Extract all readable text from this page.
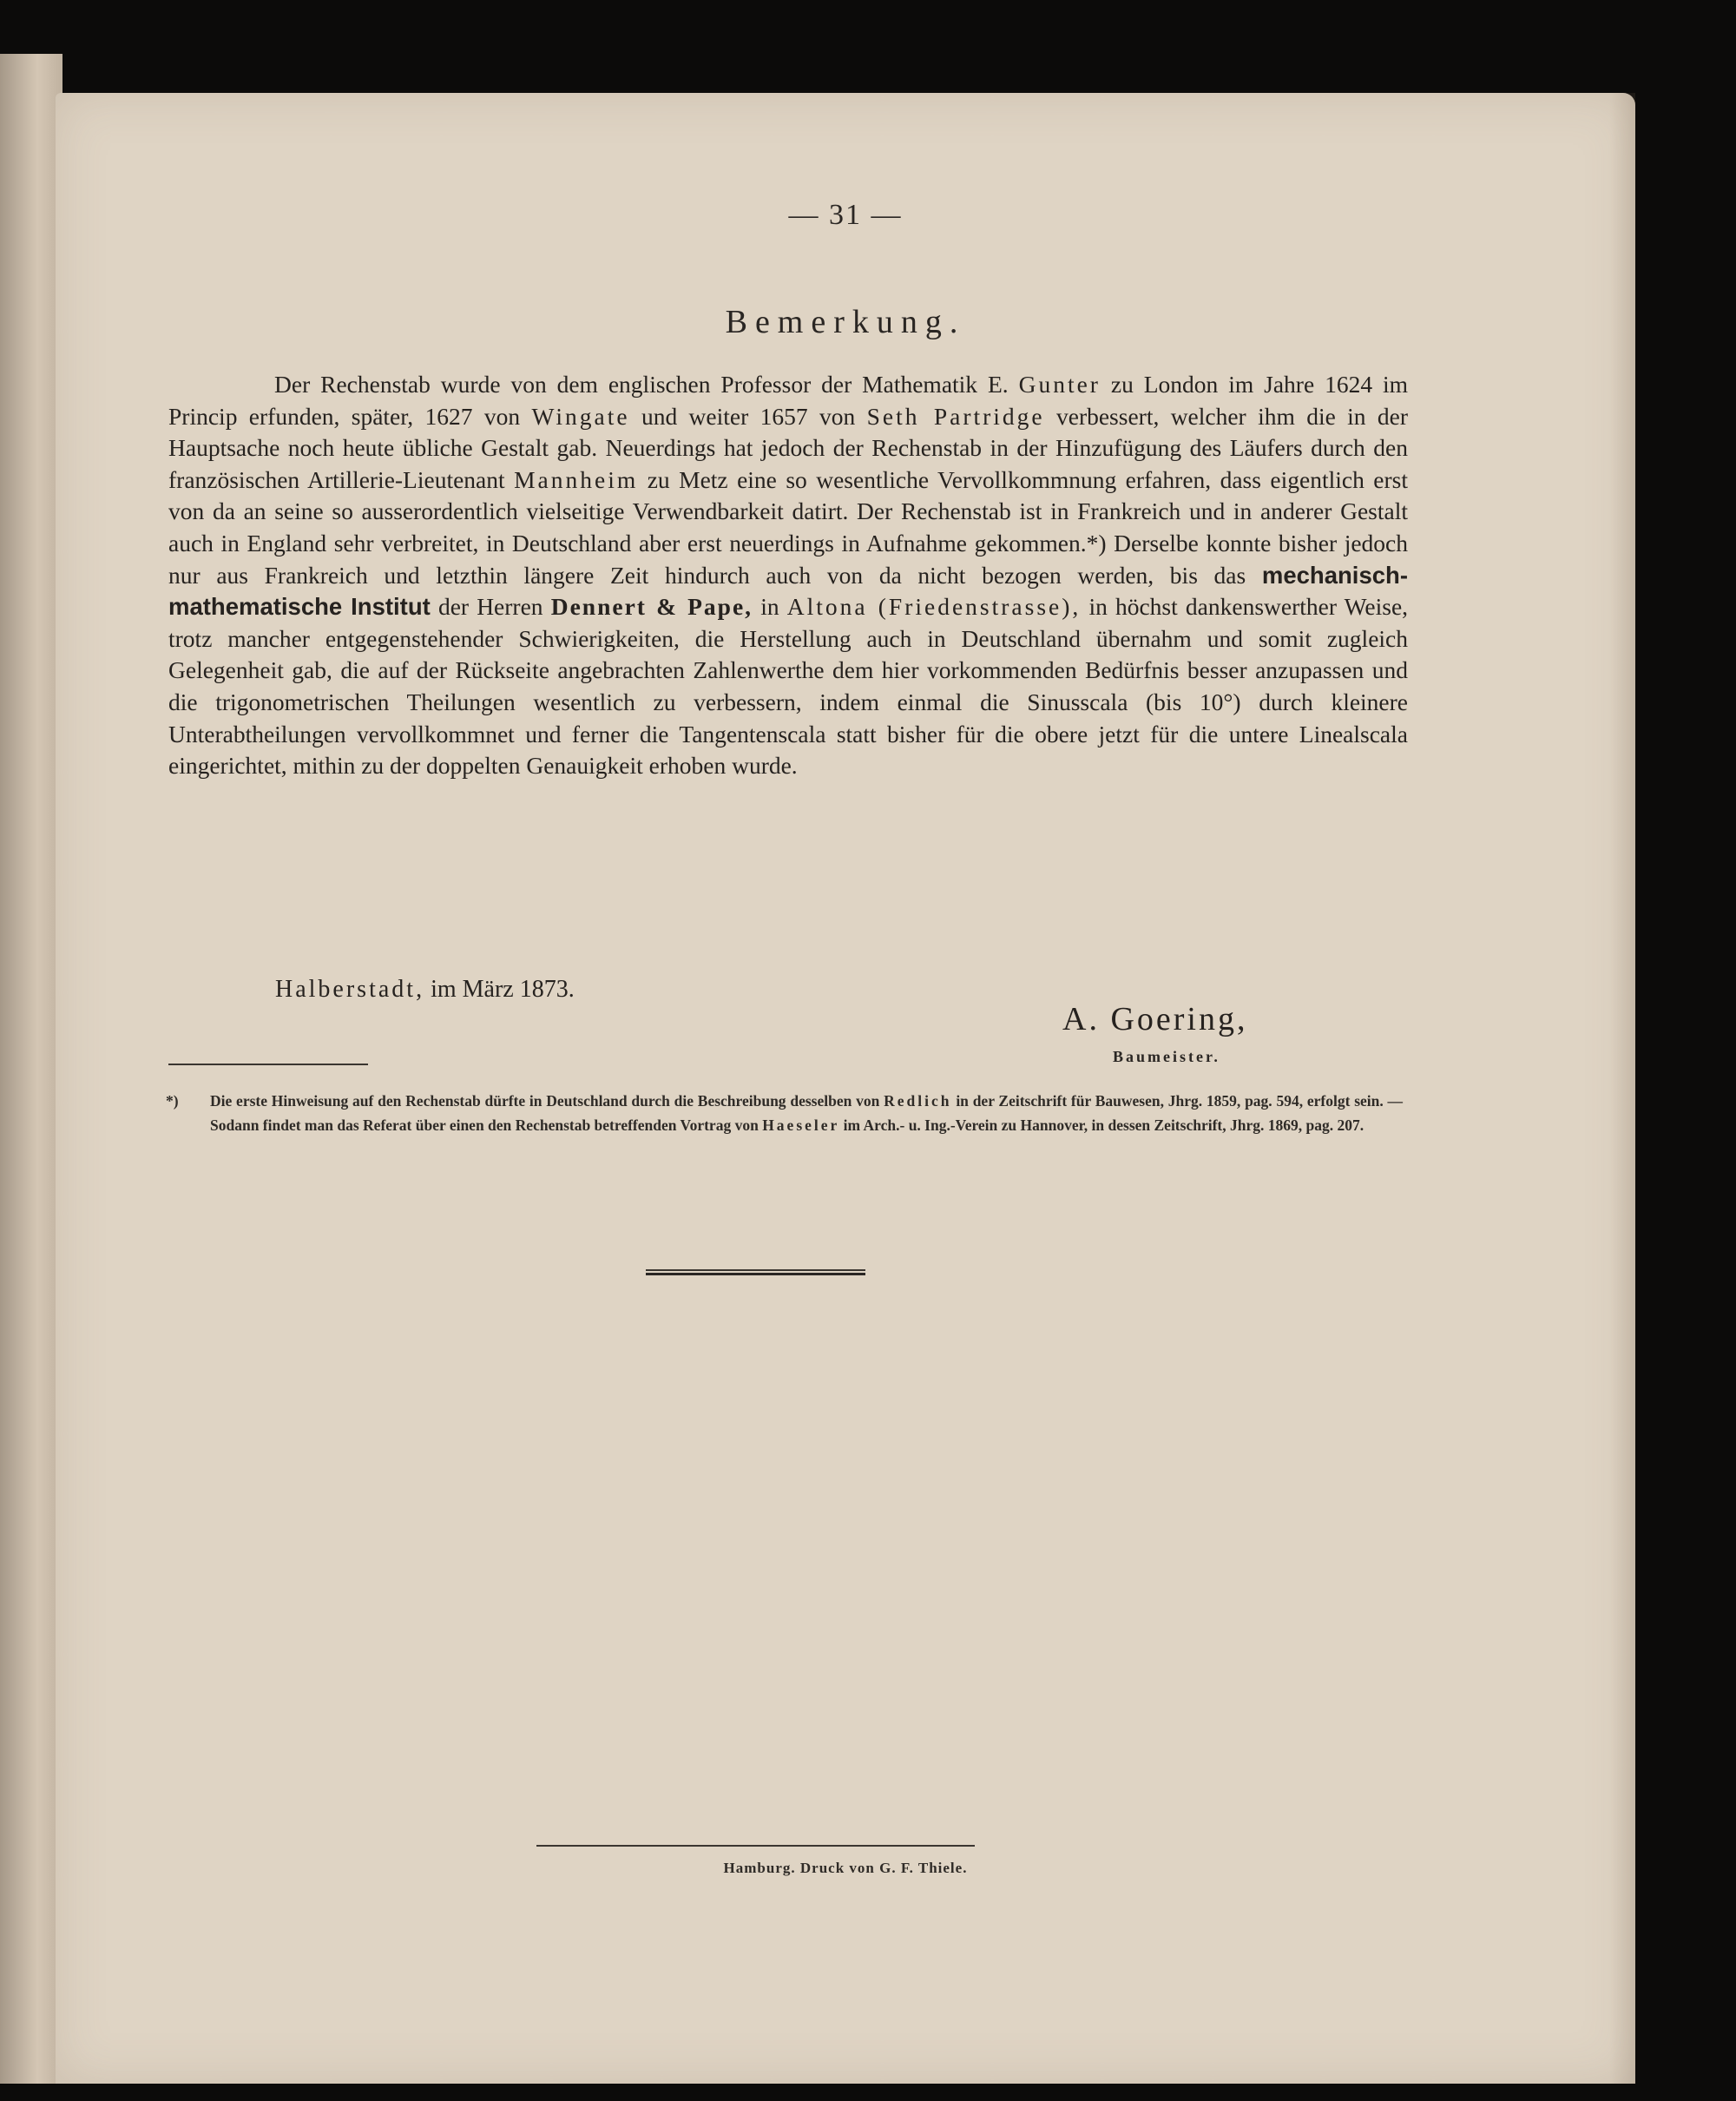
— 31 —
Bemerkung.

Der Rechenstab wurde von dem englischen Professor der Mathematik E. Gunter zu London im Jahre 1624 im Princip erfunden, später, 1627 von Wingate und weiter 1657 von Seth Partridge verbessert, welcher ihm die in der Hauptsache noch heute übliche Gestalt gab. Neuerdings hat jedoch der Rechenstab in der Hinzufügung des Läufers durch den französischen Artillerie-Lieutenant Mannheim zu Metz eine so wesentliche Vervollkommnung erfahren, dass eigentlich erst von da an seine so ausserordentlich vielseitige Verwendbarkeit datirt. Der Rechenstab ist in Frankreich und in anderer Gestalt auch in England sehr verbreitet, in Deutschland aber erst neuerdings in Aufnahme gekommen.*) Derselbe konnte bisher jedoch nur aus Frankreich und letzthin längere Zeit hindurch auch von da nicht bezogen werden, bis das mechanisch-mathematische Institut der Herren Dennert & Pape, in Altona (Friedenstrasse), in höchst dankenswerther Weise, trotz mancher entgegenstehender Schwierigkeiten, die Herstellung auch in Deutschland übernahm und somit zugleich Gelegenheit gab, die auf der Rückseite angebrachten Zahlenwerthe dem hier vorkommenden Bedürfnis besser anzupassen und die trigonometrischen Theilungen wesentlich zu verbessern, indem einmal die Sinusscala (bis 10°) durch kleinere Unterabtheilungen vervollkommnet und ferner die Tangentenscala statt bisher für die obere jetzt für die untere Linealscala eingerichtet, mithin zu der doppelten Genauigkeit erhoben wurde.

Halberstadt, im März 1873.
A. Goering,
Baumeister.

*) Die erste Hinweisung auf den Rechenstab dürfte in Deutschland durch die Beschreibung desselben von Redlich in der Zeitschrift für Bauwesen, Jhrg. 1859, pag. 594, erfolgt sein. — Sodann findet man das Referat über einen den Rechenstab betreffenden Vortrag von Haeseler im Arch.- u. Ing.-Verein zu Hannover, in dessen Zeitschrift, Jhrg. 1869, pag. 207.

Hamburg. Druck von G. F. Thiele.
